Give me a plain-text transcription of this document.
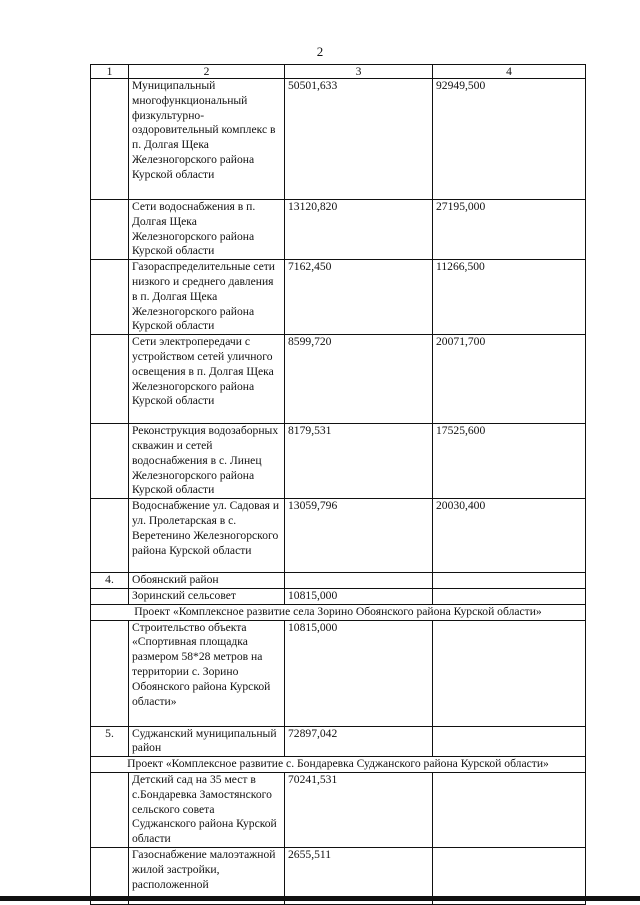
2
1	2	3	4
	Муниципальный многофункциональный физкультурно-оздоровительный комплекс в п. Долгая Щека Железногорского района Курской области	50501,633	92949,500
	Сети водоснабжения в п. Долгая Щека Железногорского района Курской области	13120,820	27195,000
	Газораспределительные сети низкого и среднего давления в п. Долгая Щека Железногорского района Курской области	7162,450	11266,500
	Сети электропередачи с устройством сетей уличного освещения в п. Долгая Щека Железногорского района Курской области	8599,720	20071,700
	Реконструкция водозаборных скважин и сетей водоснабжения в с. Линец Железногорского района Курской области	8179,531	17525,600
	Водоснабжение ул. Садовая и ул. Пролетарская в с. Веретенино Железногорского района Курской области	13059,796	20030,400
4.	Обоянский район		
	Зоринский сельсовет	10815,000	
Проект «Комплексное развитие села Зорино Обоянского района Курской области»			
	Строительство объекта «Спортивная площадка размером 58*28 метров на территории с. Зорино Обоянского района Курской области»	10815,000	
5.	Суджанский муниципальный район	72897,042	
Проект «Комплексное развитие с. Бондаревка Суджанского района Курской области»			
	Детский сад на 35 мест в с.Бондаревка Замостянского сельского совета Суджанского района Курской области	70241,531	
	Газоснабжение малоэтажной жилой застройки, расположенной	2655,511	
